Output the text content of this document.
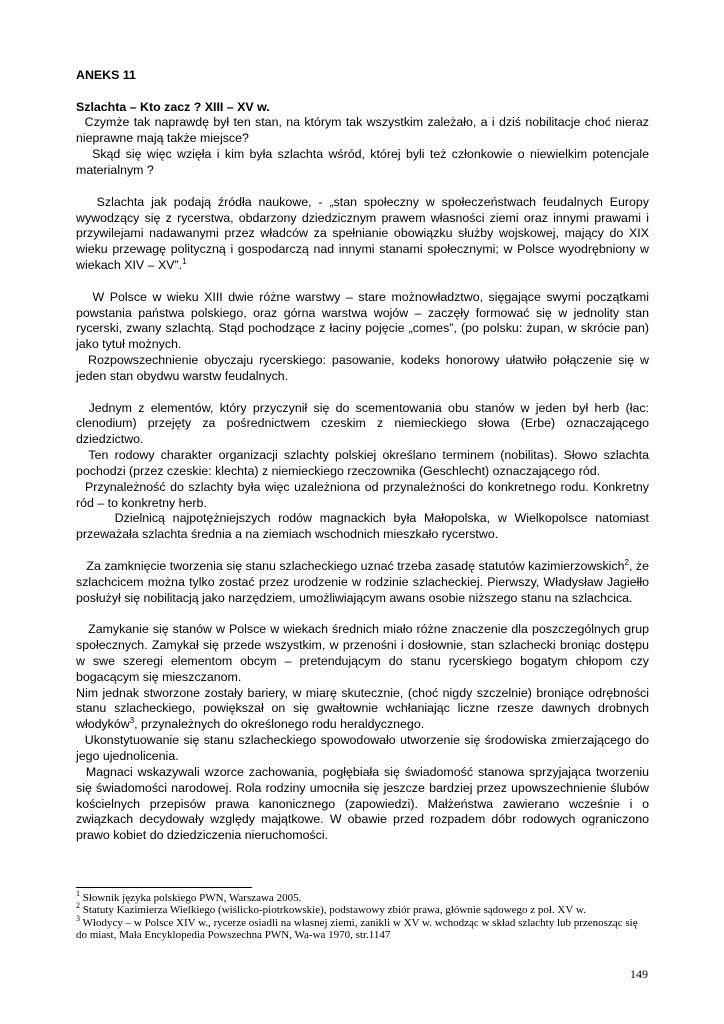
ANEKS 11

Szlachta – Kto zacz ? XIII – XV w.

Czymże tak naprawdę był ten stan, na którym tak wszystkim zależało, a i dziś nobilitacje choć nieraz nieprawne mają także miejsce?

Skąd się więc wzięła i kim była szlachta wśród, której byli też członkowie o niewielkim potencjale materialnym ?

Szlachta jak podają źródła naukowe, - „stan społeczny w społeczeństwach feudalnych Europy wywodzący się z rycerstwa, obdarzony dziedzicznym prawem własności ziemi oraz innymi prawami i przywilejami nadawanymi przez władców za spełnianie obowiązku służby wojskowej, mający do XIX wieku przewagę polityczną i gospodarczą nad innymi stanami społecznymi; w Polsce wyodrębniony w wiekach XIV – XV”.$^1$

W Polsce w wieku XIII dwie różne warstwy – stare możnowładztwo, sięgające swymi początkami powstania państwa polskiego, oraz górna warstwa wojów – zaczęły formować się w jednolity stan rycerski, zwany szlachtą. Stąd pochodzące z łaciny pojęcie „comes”, (po polsku: żupan, w skrócie pan) jako tytuł możnych.

Rozpowszechnienie obyczaju rycerskiego: pasowanie, kodeks honorowy ułatwiło połączenie się w jeden stan obydwu warstw feudalnych.

Jednym z elementów, który przyczynił się do scementowania obu stanów w jeden był herb (łac: clenodium) przejęty za pośrednictwem czeskim z niemieckiego słowa (Erbe) oznaczającego dziedzictwo.

Ten rodowy charakter organizacji szlachty polskiej określano terminem (nobilitas). Słowo szlachta pochodzi (przez czeskie: klechta) z niemieckiego rzeczownika (Geschlecht) oznaczającego ród.

Przynależność do szlachty była więc uzależniona od przynależności do konkretnego rodu. Konkretny ród – to konkretny herb.

Dzielnicą najpotężniejszych rodów magnackich była Małopolska, w Wielkopolsce natomiast przeważała szlachta średnia a na ziemiach wschodnich mieszkało rycerstwo.

Za zamknięcie tworzenia się stanu szlacheckiego uznać trzeba zasadę statutów kazimierzowskich$^2$, że szlachcicem można tylko zostać przez urodzenie w rodzinie szlacheckiej. Pierwszy, Władysław Jagiełło posłużył się nobilitacją jako narzędziem, umożliwiającym awans osobie niższego stanu na szlachcica.

Zamykanie się stanów w Polsce w wiekach średnich miało różne znaczenie dla poszczególnych grup społecznych. Zamykał się przede wszystkim, w przenośni i dosłownie, stan szlachecki broniąc dostępu w swe szeregi elementom obcym – pretendującym do stanu rycerskiego bogatym chłopom czy bogacącym się mieszczanom.

Nim jednak stworzone zostały bariery, w miarę skutecznie, (choć nigdy szczelnie) broniące odrębności stanu szlacheckiego, powiększał on się gwałtownie wchłaniając liczne rzesze dawnych drobnych włodyków$^3$, przynależnych do określonego rodu heraldycznego.

Ukonstytuowanie się stanu szlacheckiego spowodowało utworzenie się środowiska zmierzającego do jego ujednolicenia.

Magnaci wskazywali wzorce zachowania, pogłębiała się świadomość stanowa sprzyjająca tworzeniu się świadomości narodowej. Rola rodziny umocniła się jeszcze bardziej przez upowszechnienie ślubów kościelnych przepisów prawa kanonicznego (zapowiedzi). Małżeństwa zawierano wcześnie i o związkach decydowały względy majątkowe. W obawie przed rozpadem dóbr rodowych ograniczono prawo kobiet do dziedziczenia nieruchomości.

$^1$ Słownik języka polskiego PWN, Warszawa 2005.

$^2$ Statuty Kazimierza Wielkiego (wiślicko-piotrkowskie), podstawowy zbiór prawa, głównie sądowego z poł. XV w.

$^3$ Włodycy – w Polsce XIV w., rycerze osiadli na własnej ziemi, zanikli w XV w. wchodząc w skład szlachty lub przenosząc się do miast, Mała Encyklopedia Powszechna PWN, Wa-wa 1970, str.1147

149
